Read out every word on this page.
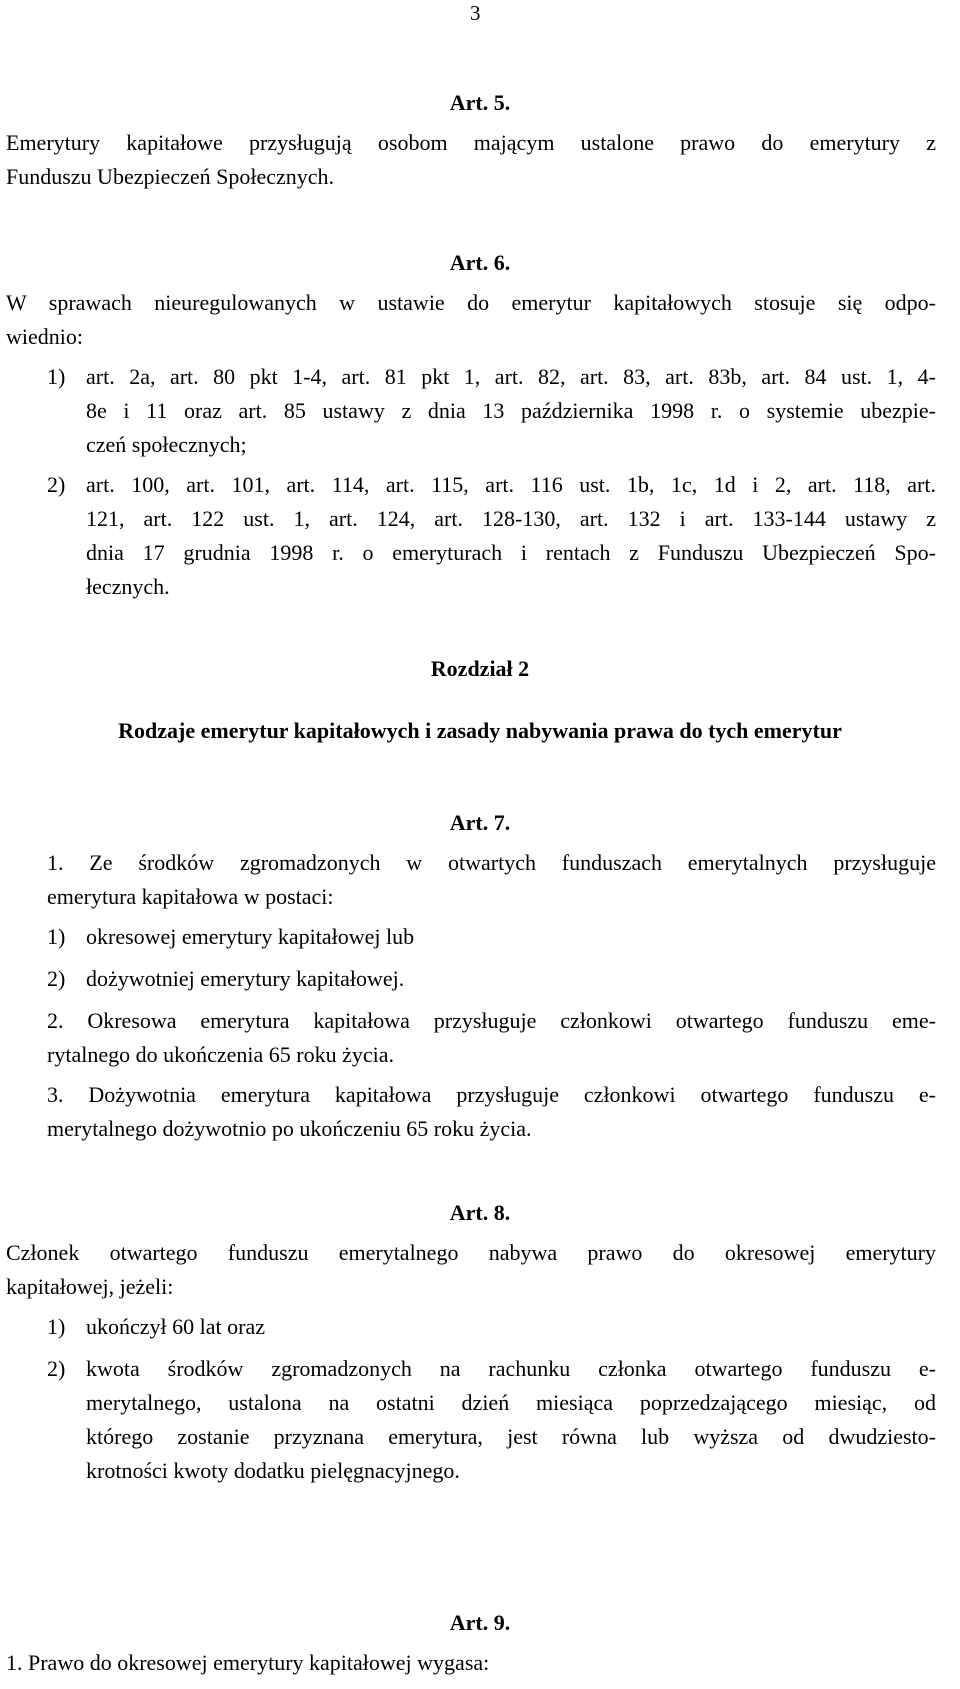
3
Art. 5.
Emerytury kapitałowe przysługują osobom mającym ustalone prawo do emerytury z
Funduszu Ubezpieczeń Społecznych.
Art. 6.
W sprawach nieuregulowanych w ustawie do emerytur kapitałowych stosuje się odpo-
wiednio:
1) art. 2a, art. 80 pkt 1-4, art. 81 pkt 1, art. 82, art. 83, art. 83b, art. 84 ust. 1, 4-
8e i 11 oraz art. 85 ustawy z dnia 13 października 1998 r. o systemie ubezpie-
czeń społecznych;
2) art. 100, art. 101, art. 114, art. 115, art. 116 ust. 1b, 1c, 1d i 2, art. 118, art.
121, art. 122 ust. 1, art. 124, art. 128-130, art. 132 i art. 133-144 ustawy z
dnia 17 grudnia 1998 r. o emeryturach i rentach z Funduszu Ubezpieczeń Spo-
łecznych.
Rozdział 2
Rodzaje emerytur kapitałowych i zasady nabywania prawa do tych emerytur
Art. 7.
1. Ze środków zgromadzonych w otwartych funduszach emerytalnych przysługuje
emerytura kapitałowa w postaci:
1) okresowej emerytury kapitałowej lub
2) dożywotniej emerytury kapitałowej.
2. Okresowa emerytura kapitałowa przysługuje członkowi otwartego funduszu eme-
rytalnego do ukończenia 65 roku życia.
3. Dożywotnia emerytura kapitałowa przysługuje członkowi otwartego funduszu e-
merytalnego dożywotnio po ukończeniu 65 roku życia.
Art. 8.
Członek otwartego funduszu emerytalnego nabywa prawo do okresowej emerytury
kapitałowej, jeżeli:
1) ukończył 60 lat oraz
2) kwota środków zgromadzonych na rachunku członka otwartego funduszu e-
merytalnego, ustalona na ostatni dzień miesiąca poprzedzającego miesiąc, od
którego zostanie przyznana emerytura, jest równa lub wyższa od dwudziesto-
krotności kwoty dodatku pielęgnacyjnego.
Art. 9.
1. Prawo do okresowej emerytury kapitałowej wygasa:
